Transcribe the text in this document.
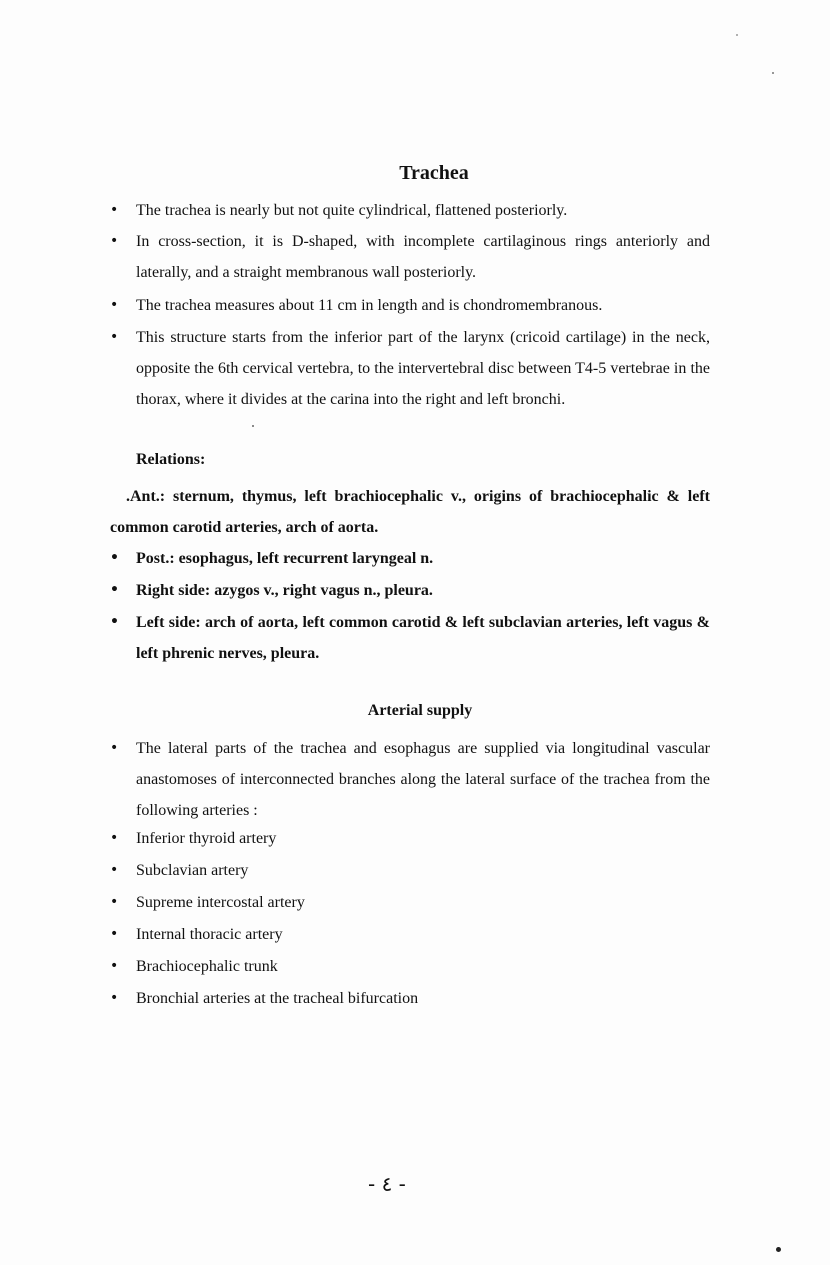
Trachea
•	The trachea is nearly but not quite cylindrical, flattened posteriorly.
•	In cross-section, it is D-shaped, with incomplete cartilaginous rings anteriorly and laterally, and a straight membranous wall posteriorly.
•	The trachea measures about 11 cm in length and is chondromembranous.
•	This structure starts from the inferior part of the larynx (cricoid cartilage) in the neck, opposite the 6th cervical vertebra, to the intervertebral disc between T4-5 vertebrae in the thorax, where it divides at the carina into the right and left bronchi.
Relations:
.Ant.: sternum, thymus, left brachiocephalic v., origins of brachiocephalic & left common carotid arteries, arch of aorta.
•	Post.: esophagus, left recurrent laryngeal n.
•	Right side: azygos v., right vagus n., pleura.
•	Left side: arch of aorta, left common carotid & left subclavian arteries, left vagus & left phrenic nerves, pleura.
Arterial supply
•	The lateral parts of the trachea and esophagus are supplied via longitudinal vascular anastomoses of interconnected branches along the lateral surface of the trachea from the following arteries :
•	Inferior thyroid artery
•	Subclavian artery
•	Supreme intercostal artery
•	Internal thoracic artery
•	Brachiocephalic trunk
•	Bronchial arteries at the tracheal bifurcation
- ٤ -
